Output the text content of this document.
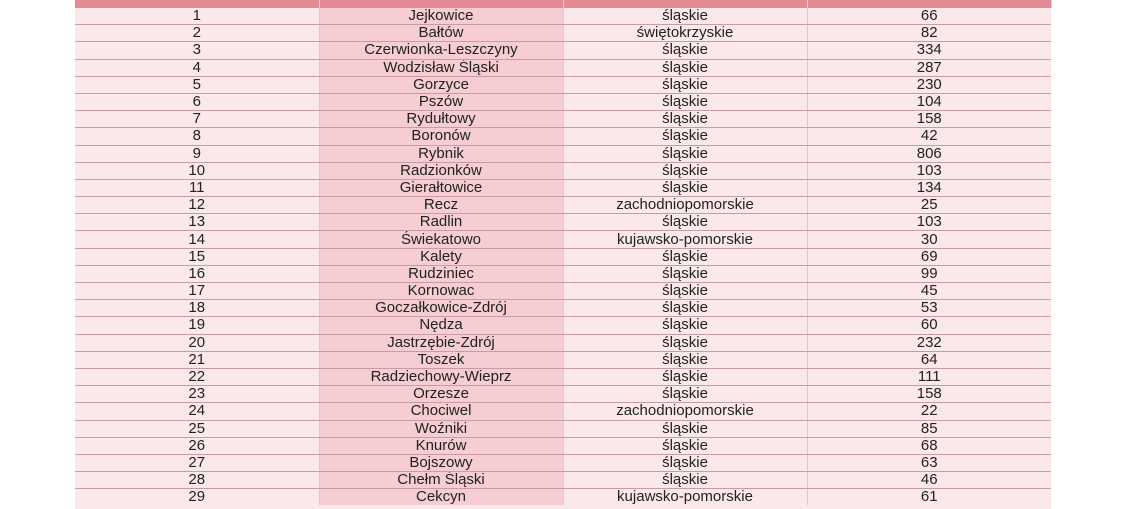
1	Jejkowice	śląskie	66
2	Bałtów	świętokrzyskie	82
3	Czerwionka-Leszczyny	śląskie	334
4	Wodzisław Śląski	śląskie	287
5	Gorzyce	śląskie	230
6	Pszów	śląskie	104
7	Rydułtowy	śląskie	158
8	Boronów	śląskie	42
9	Rybnik	śląskie	806
10	Radzionków	śląskie	103
11	Gierałtowice	śląskie	134
12	Recz	zachodniopomorskie	25
13	Radlin	śląskie	103
14	Świekatowo	kujawsko-pomorskie	30
15	Kalety	śląskie	69
16	Rudziniec	śląskie	99
17	Kornowac	śląskie	45
18	Goczałkowice-Zdrój	śląskie	53
19	Nędza	śląskie	60
20	Jastrzębie-Zdrój	śląskie	232
21	Toszek	śląskie	64
22	Radziechowy-Wieprz	śląskie	111
23	Orzesze	śląskie	158
24	Chociwel	zachodniopomorskie	22
25	Woźniki	śląskie	85
26	Knurów	śląskie	68
27	Bojszowy	śląskie	63
28	Chełm Śląski	śląskie	46
29	Cekcyn	kujawsko-pomorskie	61
